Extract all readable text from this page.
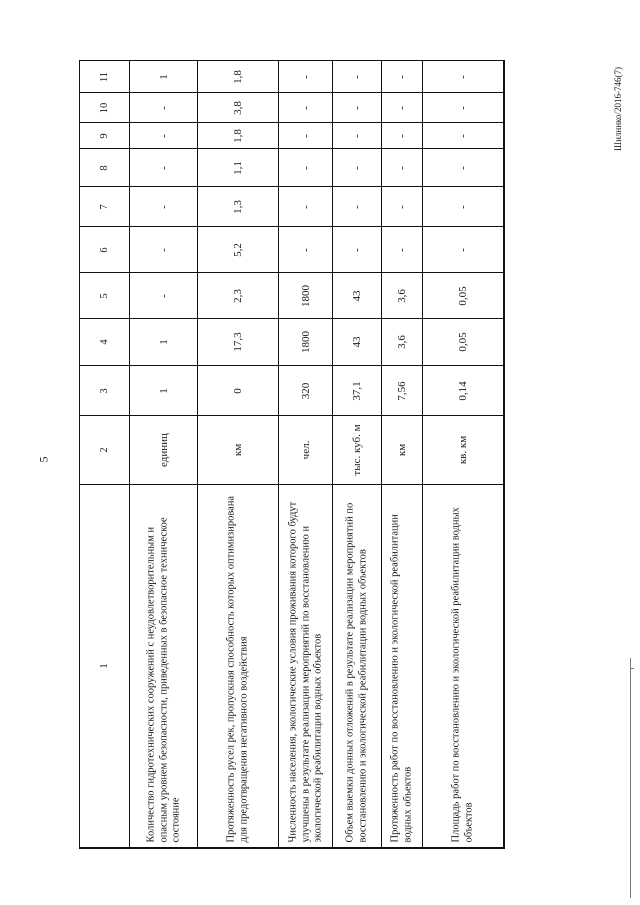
5
Шилннко/2016-746(7)
1
2
3
4
5
6
7
8
9
10
11
Количество гидротехнических сооружений с неудовлетворительным и опасным уровнем безопасности, приведенных в безопасное техническое состояние
единиц
1
1
-
-
-
-
-
-
1
Протяженность русел рек, пропускная способность которых оптимизирована для предотвращения негативного воздействия
км
0
17,3
2,3
5,2
1,3
1,1
1,8
3,8
1,8
Численность населения, экологические условия проживания которого будут улучшены в результате реализации мероприятий по восстановлению и экологической реабилитации водных объектов
чел.
320
1800
1800
-
-
-
-
-
-
Объем выемки донных отложений в результате реализации мероприятий по восстановлению и экологической реабилитации водных объектов
тыс. куб. м
37,1
43
43
-
-
-
-
-
-
Протяженность работ по восстановлению и экологической реабилитации водных объектов
км
7,56
3,6
3,6
-
-
-
-
-
-
Площадь работ по восстановлению и экологической реабилитации водных объектов
кв. км
0,14
0,05
0,05
-
-
-
-
-
-
